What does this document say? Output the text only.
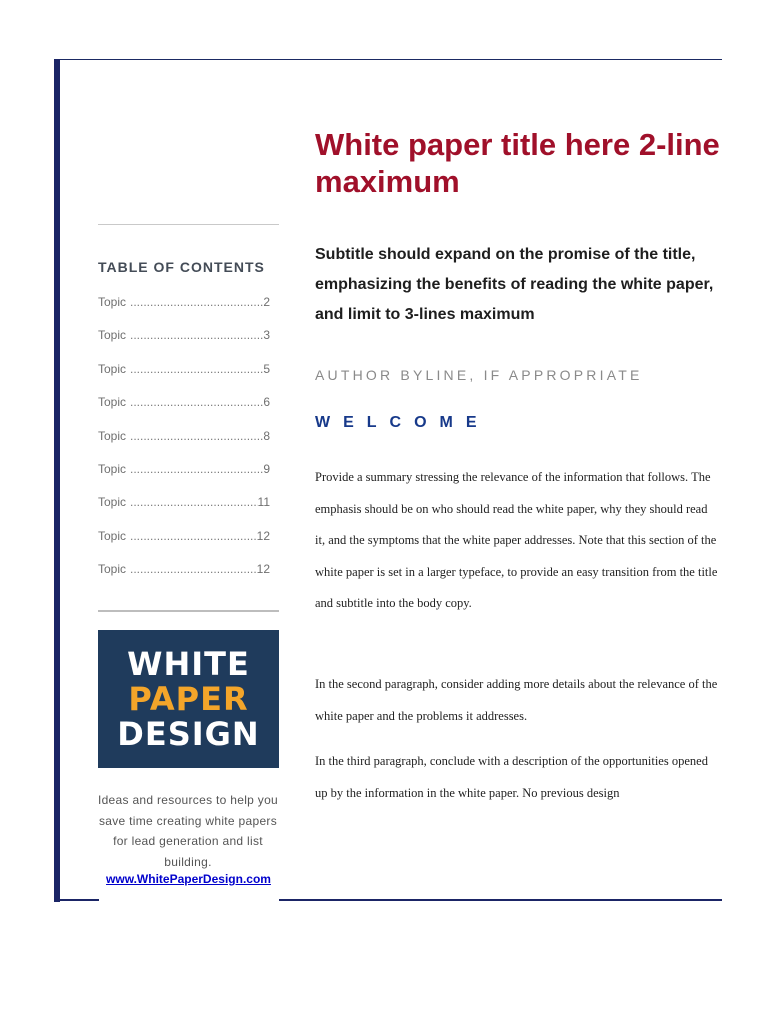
TABLE OF CONTENTS
Topic .....	2
Topic .....	3
Topic .....	5
Topic .....	6
Topic .....	8
Topic .....	9
Topic .....	11
Topic .....	12
Topic .....	12
WHITE
PAPER
DESIGN
Ideas and resources to help you save time creating white papers for lead generation and list building.
www.WhitePaperDesign.com
White paper title here 2-line maximum
Subtitle should expand on the promise of the title, emphasizing the benefits of reading the white paper, and limit to 3-lines maximum
AUTHOR BYLINE, IF APPROPRIATE
WELCOME
Provide a summary stressing the relevance of the information that follows. The emphasis should be on who should read the white paper, why they should read it, and the symptoms that the white paper addresses. Note that this section of the white paper is set in a larger typeface, to provide an easy transition from the title and subtitle into the body copy.
In the second paragraph, consider adding more details about the relevance of the white paper and the problems it addresses.
In the third paragraph, conclude with a description of the opportunities opened up by the information in the white paper. No previous design
